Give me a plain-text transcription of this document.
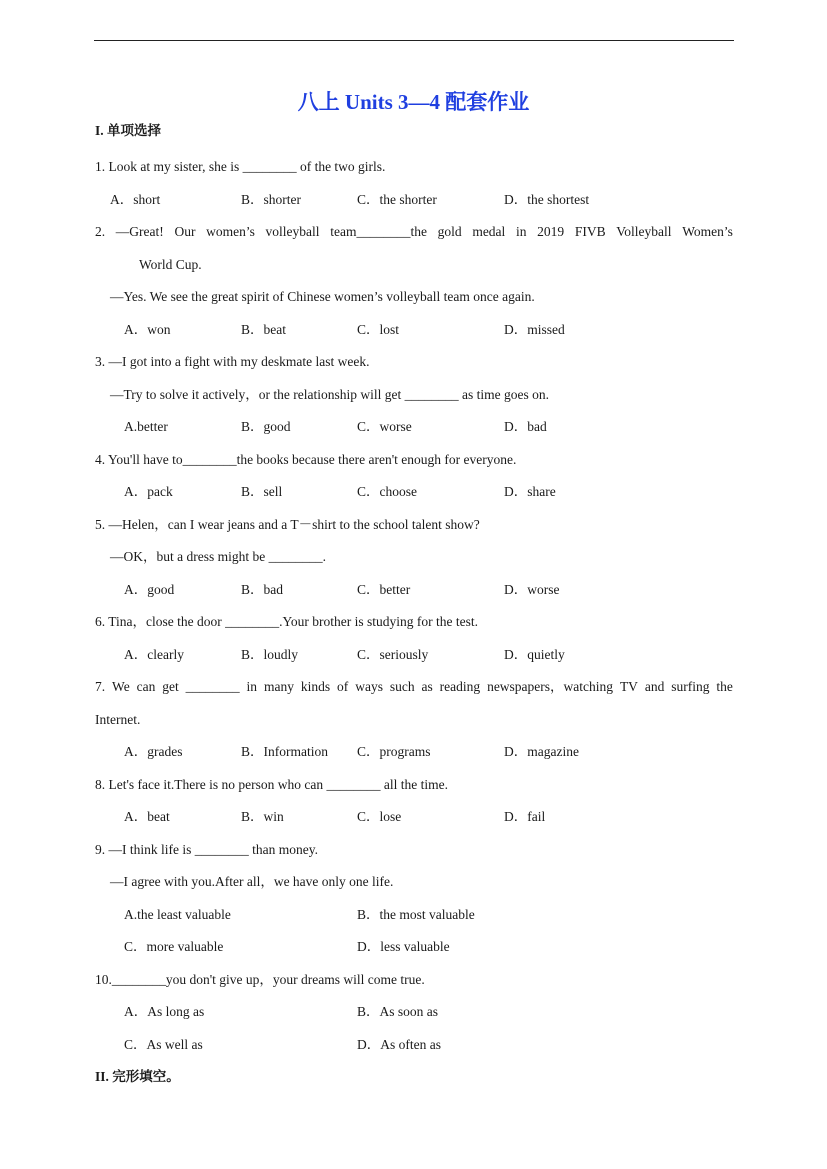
八上 Units 3—4 配套作业
I. 单项选择
1. Look at my sister, she is ________ of the two girls.
A．short	B．shorter	C．the shorter	D．the shortest
2. —Great! Our women’s volleyball team________the gold medal in 2019 FIVB Volleyball Women’s
World Cup.
—Yes. We see the great spirit of Chinese women’s volleyball team once again.
A．won	B．beat	C．lost	D．missed
3. —I got into a fight with my deskmate last week.
—Try to solve it actively，or the relationship will get ________ as time goes on.
A.better	B．good	C．worse	D．bad
4. You'll have to________the books because there aren't enough for everyone.
A．pack	B．sell	C．choose	D．share
5. —Helen，can I wear jeans and a T－shirt to the school talent show?
—OK，but a dress might be ________.
A．good	B．bad	C．better	D．worse
6. Tina，close the door ________.Your brother is studying for the test.
A．clearly	B．loudly	C．seriously	D．quietly
7. We can get ________ in many kinds of ways such as reading newspapers，watching TV and surfing the
Internet.
A．grades	B．Information C．programs	D．magazine
8. Let's face it.There is no person who can ________ all the time.
A．beat	B．win	C．lose	D．fail
9. —I think life is ________ than money.
—I agree with you.After all，we have only one life.
A.the least valuable	B．the most valuable
C．more valuable	D．less valuable
10.________you don't give up，your dreams will come true.
A．As long as	B．As soon as
C．As well as	D．As often as
II. 完形填空。
